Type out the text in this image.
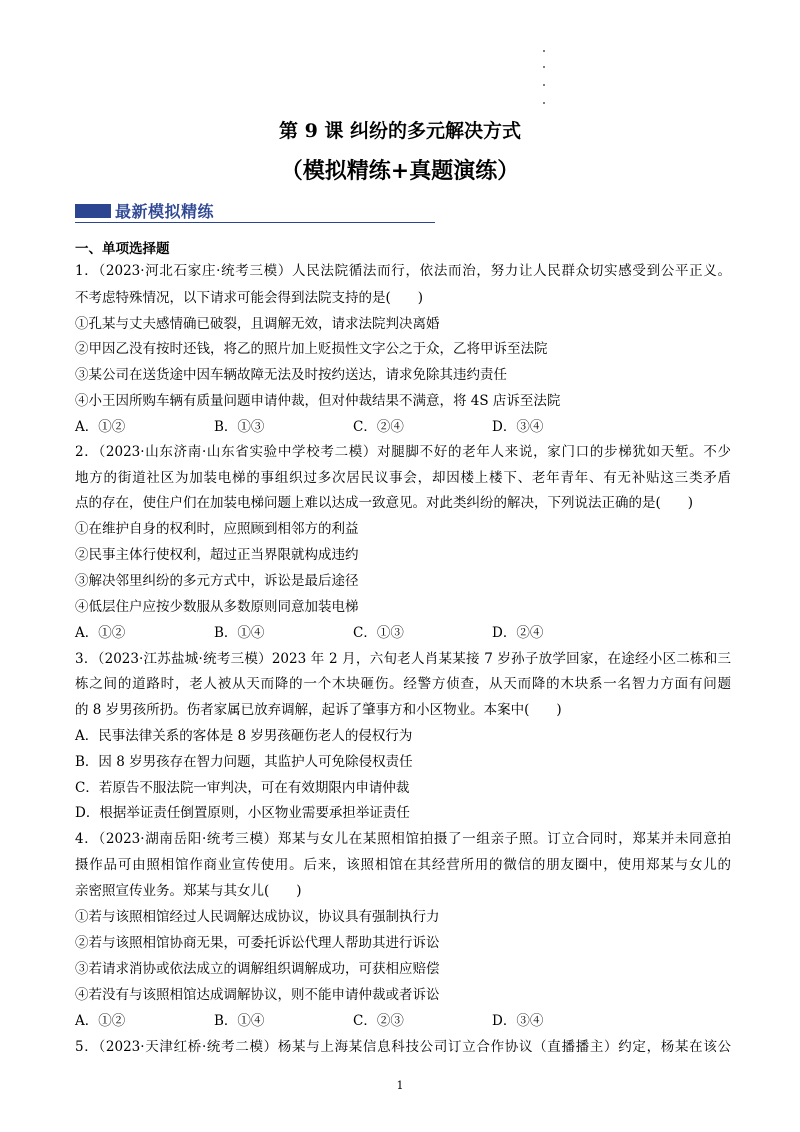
第 9 课 纠纷的多元解决方式
（模拟精练+真题演练）
最新模拟精练
一、单项选择题
1．（2023·河北石家庄·统考三模）人民法院循法而行，依法而治，努力让人民群众切实感受到公平正义。
不考虑特殊情况，以下请求可能会得到法院支持的是(　　)
①孔某与丈夫感情确已破裂，且调解无效，请求法院判决离婚
②甲因乙没有按时还钱，将乙的照片加上贬损性文字公之于众，乙将甲诉至法院
③某公司在送货途中因车辆故障无法及时按约送达，请求免除其违约责任
④小王因所购车辆有质量问题申请仲裁，但对仲裁结果不满意，将 4S 店诉至法院
A．①②	B．①③	C．②④	D．③④
2．（2023·山东济南·山东省实验中学校考二模）对腿脚不好的老年人来说，家门口的步梯犹如天堑。不少
地方的街道社区为加装电梯的事组织过多次居民议事会，却因楼上楼下、老年青年、有无补贴这三类矛盾
点的存在，使住户们在加装电梯问题上难以达成一致意见。对此类纠纷的解决，下列说法正确的是(　　)
①在维护自身的权利时，应照顾到相邻方的利益
②民事主体行使权利，超过正当界限就构成违约
③解决邻里纠纷的多元方式中，诉讼是最后途径
④低层住户应按少数服从多数原则同意加装电梯
A．①②	B．①④	C．①③	D．②④
3．（2023·江苏盐城·统考三模）2023 年 2 月，六旬老人肖某某接 7 岁孙子放学回家，在途经小区二栋和三
栋之间的道路时，老人被从天而降的一个木块砸伤。经警方侦查，从天而降的木块系一名智力方面有问题
的 8 岁男孩所扔。伤者家属已放弃调解，起诉了肇事方和小区物业。本案中(　　)
A．民事法律关系的客体是 8 岁男孩砸伤老人的侵权行为
B．因 8 岁男孩存在智力问题，其监护人可免除侵权责任
C．若原告不服法院一审判决，可在有效期限内申请仲裁
D．根据举证责任倒置原则，小区物业需要承担举证责任
4．（2023·湖南岳阳·统考三模）郑某与女儿在某照相馆拍摄了一组亲子照。订立合同时，郑某并未同意拍
摄作品可由照相馆作商业宣传使用。后来，该照相馆在其经营所用的微信的朋友圈中，使用郑某与女儿的
亲密照宣传业务。郑某与其女儿(　　)
①若与该照相馆经过人民调解达成协议，协议具有强制执行力
②若与该照相馆协商无果，可委托诉讼代理人帮助其进行诉讼
③若请求消协或依法成立的调解组织调解成功，可获相应赔偿
④若没有与该照相馆达成调解协议，则不能申请仲裁或者诉讼
A．①②	B．①④	C．②③	D．③④
5．（2023·天津红桥·统考二模）杨某与上海某信息科技公司订立合作协议（直播播主）约定，杨某在该公
1
